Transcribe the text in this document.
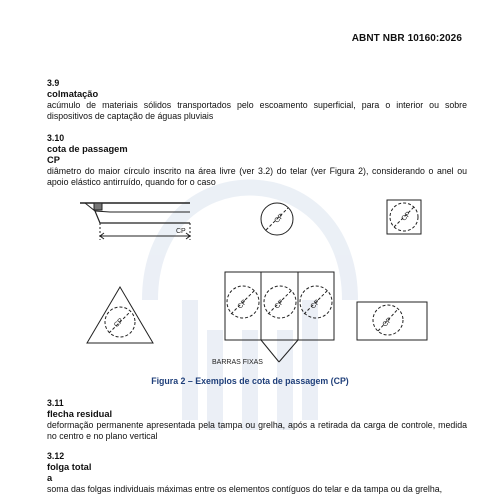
ABNT NBR 10160:2026
3.9
colmatação
acúmulo de materiais sólidos transportados pelo escoamento superficial, para o interior ou sobre dispositivos de captação de águas pluviais
3.10
cota de passagem
CP
diâmetro do maior círculo inscrito na área livre (ver 3.2) do telar (ver Figura 2), considerando o anel ou apoio elástico antirruído, quando for o caso
CP
CP	CP
CP
CP	CP	CP
CP
BARRAS FIXAS
Figura 2 – Exemplos de cota de passagem (CP)
3.11
flecha residual
deformação permanente apresentada pela tampa ou grelha, após a retirada da carga de controle, medida no centro e no plano vertical
3.12
folga total
a
soma das folgas individuais máximas entre os elementos contíguos do telar e da tampa ou da grelha,
